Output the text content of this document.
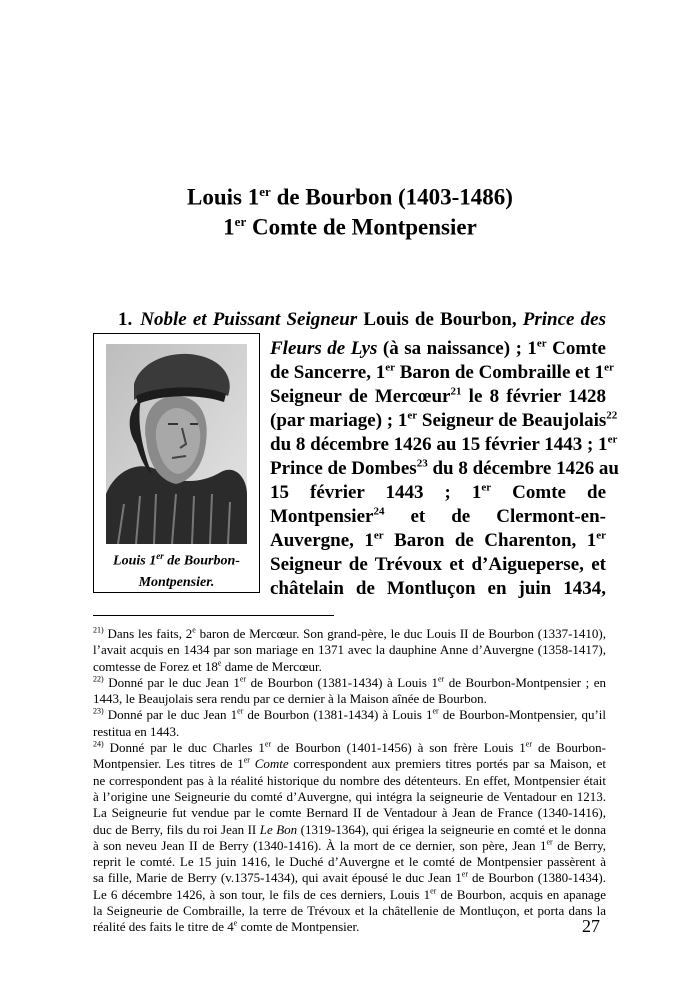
Louis 1er de Bourbon (1403-1486)
1er Comte de Montpensier
1. Noble et Puissant Seigneur Louis de Bourbon, Prince des
Louis 1er de Bourbon-
Montpensier.
Fleurs de Lys (à sa naissance) ; 1er Comte
de Sancerre, 1er Baron de Combraille et 1er
Seigneur de Mercœur$^{21}$ le 8 février 1428
(par mariage) ; 1er Seigneur de Beaujolais$^{22}$
du 8 décembre 1426 au 15 février 1443 ; 1er
Prince de Dombes$^{23}$ du 8 décembre 1426 au
15 février 1443 ; 1er Comte de
Montpensier$^{24}$ et de Clermont-en-
Auvergne, 1er Baron de Charenton, 1er
Seigneur de Trévoux et d’Aigueperse, et
châtelain de Montluçon en juin 1434,
$^{21)}$ Dans les faits, 2e baron de Mercœur. Son grand-père, le duc Louis II de Bourbon (1337-1410),
l’avait acquis en 1434 par son mariage en 1371 avec la dauphine Anne d’Auvergne (1358-1417),
comtesse de Forez et 18e dame de Mercœur.
$^{22)}$ Donné par le duc Jean 1er de Bourbon (1381-1434) à Louis 1er de Bourbon-Montpensier ; en
1443, le Beaujolais sera rendu par ce dernier à la Maison aînée de Bourbon.
$^{23)}$ Donné par le duc Jean 1er de Bourbon (1381-1434) à Louis 1er de Bourbon-Montpensier, qu’il
restitua en 1443.
$^{24)}$ Donné par le duc Charles 1er de Bourbon (1401-1456) à son frère Louis 1er de Bourbon-
Montpensier. Les titres de 1er Comte correspondent aux premiers titres portés par sa Maison, et
ne correspondent pas à la réalité historique du nombre des détenteurs. En effet, Montpensier était
à l’origine une Seigneurie du comté d’Auvergne, qui intégra la seigneurie de Ventadour en 1213.
La Seigneurie fut vendue par le comte Bernard II de Ventadour à Jean de France (1340-1416),
duc de Berry, fils du roi Jean II Le Bon (1319-1364), qui érigea la seigneurie en comté et le donna
à son neveu Jean II de Berry (1340-1416). À la mort de ce dernier, son père, Jean 1er de Berry,
reprit le comté. Le 15 juin 1416, le Duché d’Auvergne et le comté de Montpensier passèrent à
sa fille, Marie de Berry (v.1375-1434), qui avait épousé le duc Jean 1er de Bourbon (1380-1434).
Le 6 décembre 1426, à son tour, le fils de ces derniers, Louis 1er de Bourbon, acquis en apanage
la Seigneurie de Combraille, la terre de Trévoux et la châtellenie de Montluçon, et porta dans la
réalité des faits le titre de 4e comte de Montpensier.	27
